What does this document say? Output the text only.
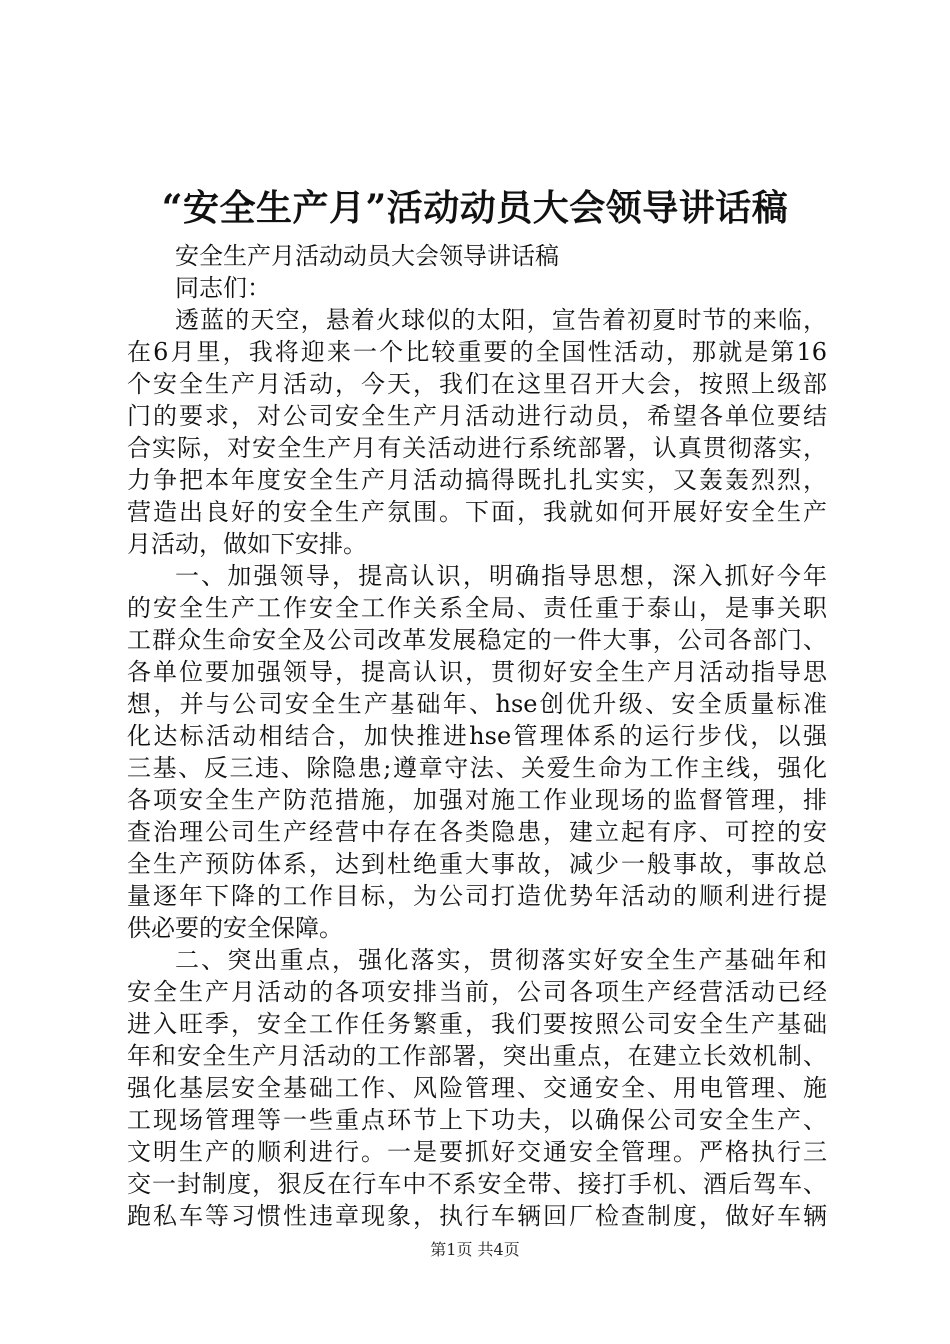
“安全生产月”活动动员大会领导讲话稿
安全生产月活动动员大会领导讲话稿
同志们：
透蓝的天空，悬着火球似的太阳，宣告着初夏时节的来临，
在6月里，我将迎来一个比较重要的全国性活动，那就是第16
个安全生产月活动，今天，我们在这里召开大会，按照上级部
门的要求，对公司安全生产月活动进行动员，希望各单位要结
合实际，对安全生产月有关活动进行系统部署，认真贯彻落实，
力争把本年度安全生产月活动搞得既扎扎实实，又轰轰烈烈，
营造出良好的安全生产氛围。下面，我就如何开展好安全生产
月活动，做如下安排。
一、加强领导，提高认识，明确指导思想，深入抓好今年
的安全生产工作安全工作关系全局、责任重于泰山，是事关职
工群众生命安全及公司改革发展稳定的一件大事，公司各部门、
各单位要加强领导，提高认识，贯彻好安全生产月活动指导思
想，并与公司安全生产基础年、hse创优升级、安全质量标准
化达标活动相结合，加快推进hse管理体系的运行步伐，以强
三基、反三违、除隐患;遵章守法、关爱生命为工作主线，强化
各项安全生产防范措施，加强对施工作业现场的监督管理，排
查治理公司生产经营中存在各类隐患，建立起有序、可控的安
全生产预防体系，达到杜绝重大事故，减少一般事故，事故总
量逐年下降的工作目标，为公司打造优势年活动的顺利进行提
供必要的安全保障。
二、突出重点，强化落实，贯彻落实好安全生产基础年和
安全生产月活动的各项安排当前，公司各项生产经营活动已经
进入旺季，安全工作任务繁重，我们要按照公司安全生产基础
年和安全生产月活动的工作部署，突出重点，在建立长效机制、
强化基层安全基础工作、风险管理、交通安全、用电管理、施
工现场管理等一些重点环节上下功夫，以确保公司安全生产、
文明生产的顺利进行。一是要抓好交通安全管理。严格执行三
交一封制度，狠反在行车中不系安全带、接打手机、酒后驾车、
跑私车等习惯性违章现象，执行车辆回厂检查制度，做好车辆
第1页 共4页
